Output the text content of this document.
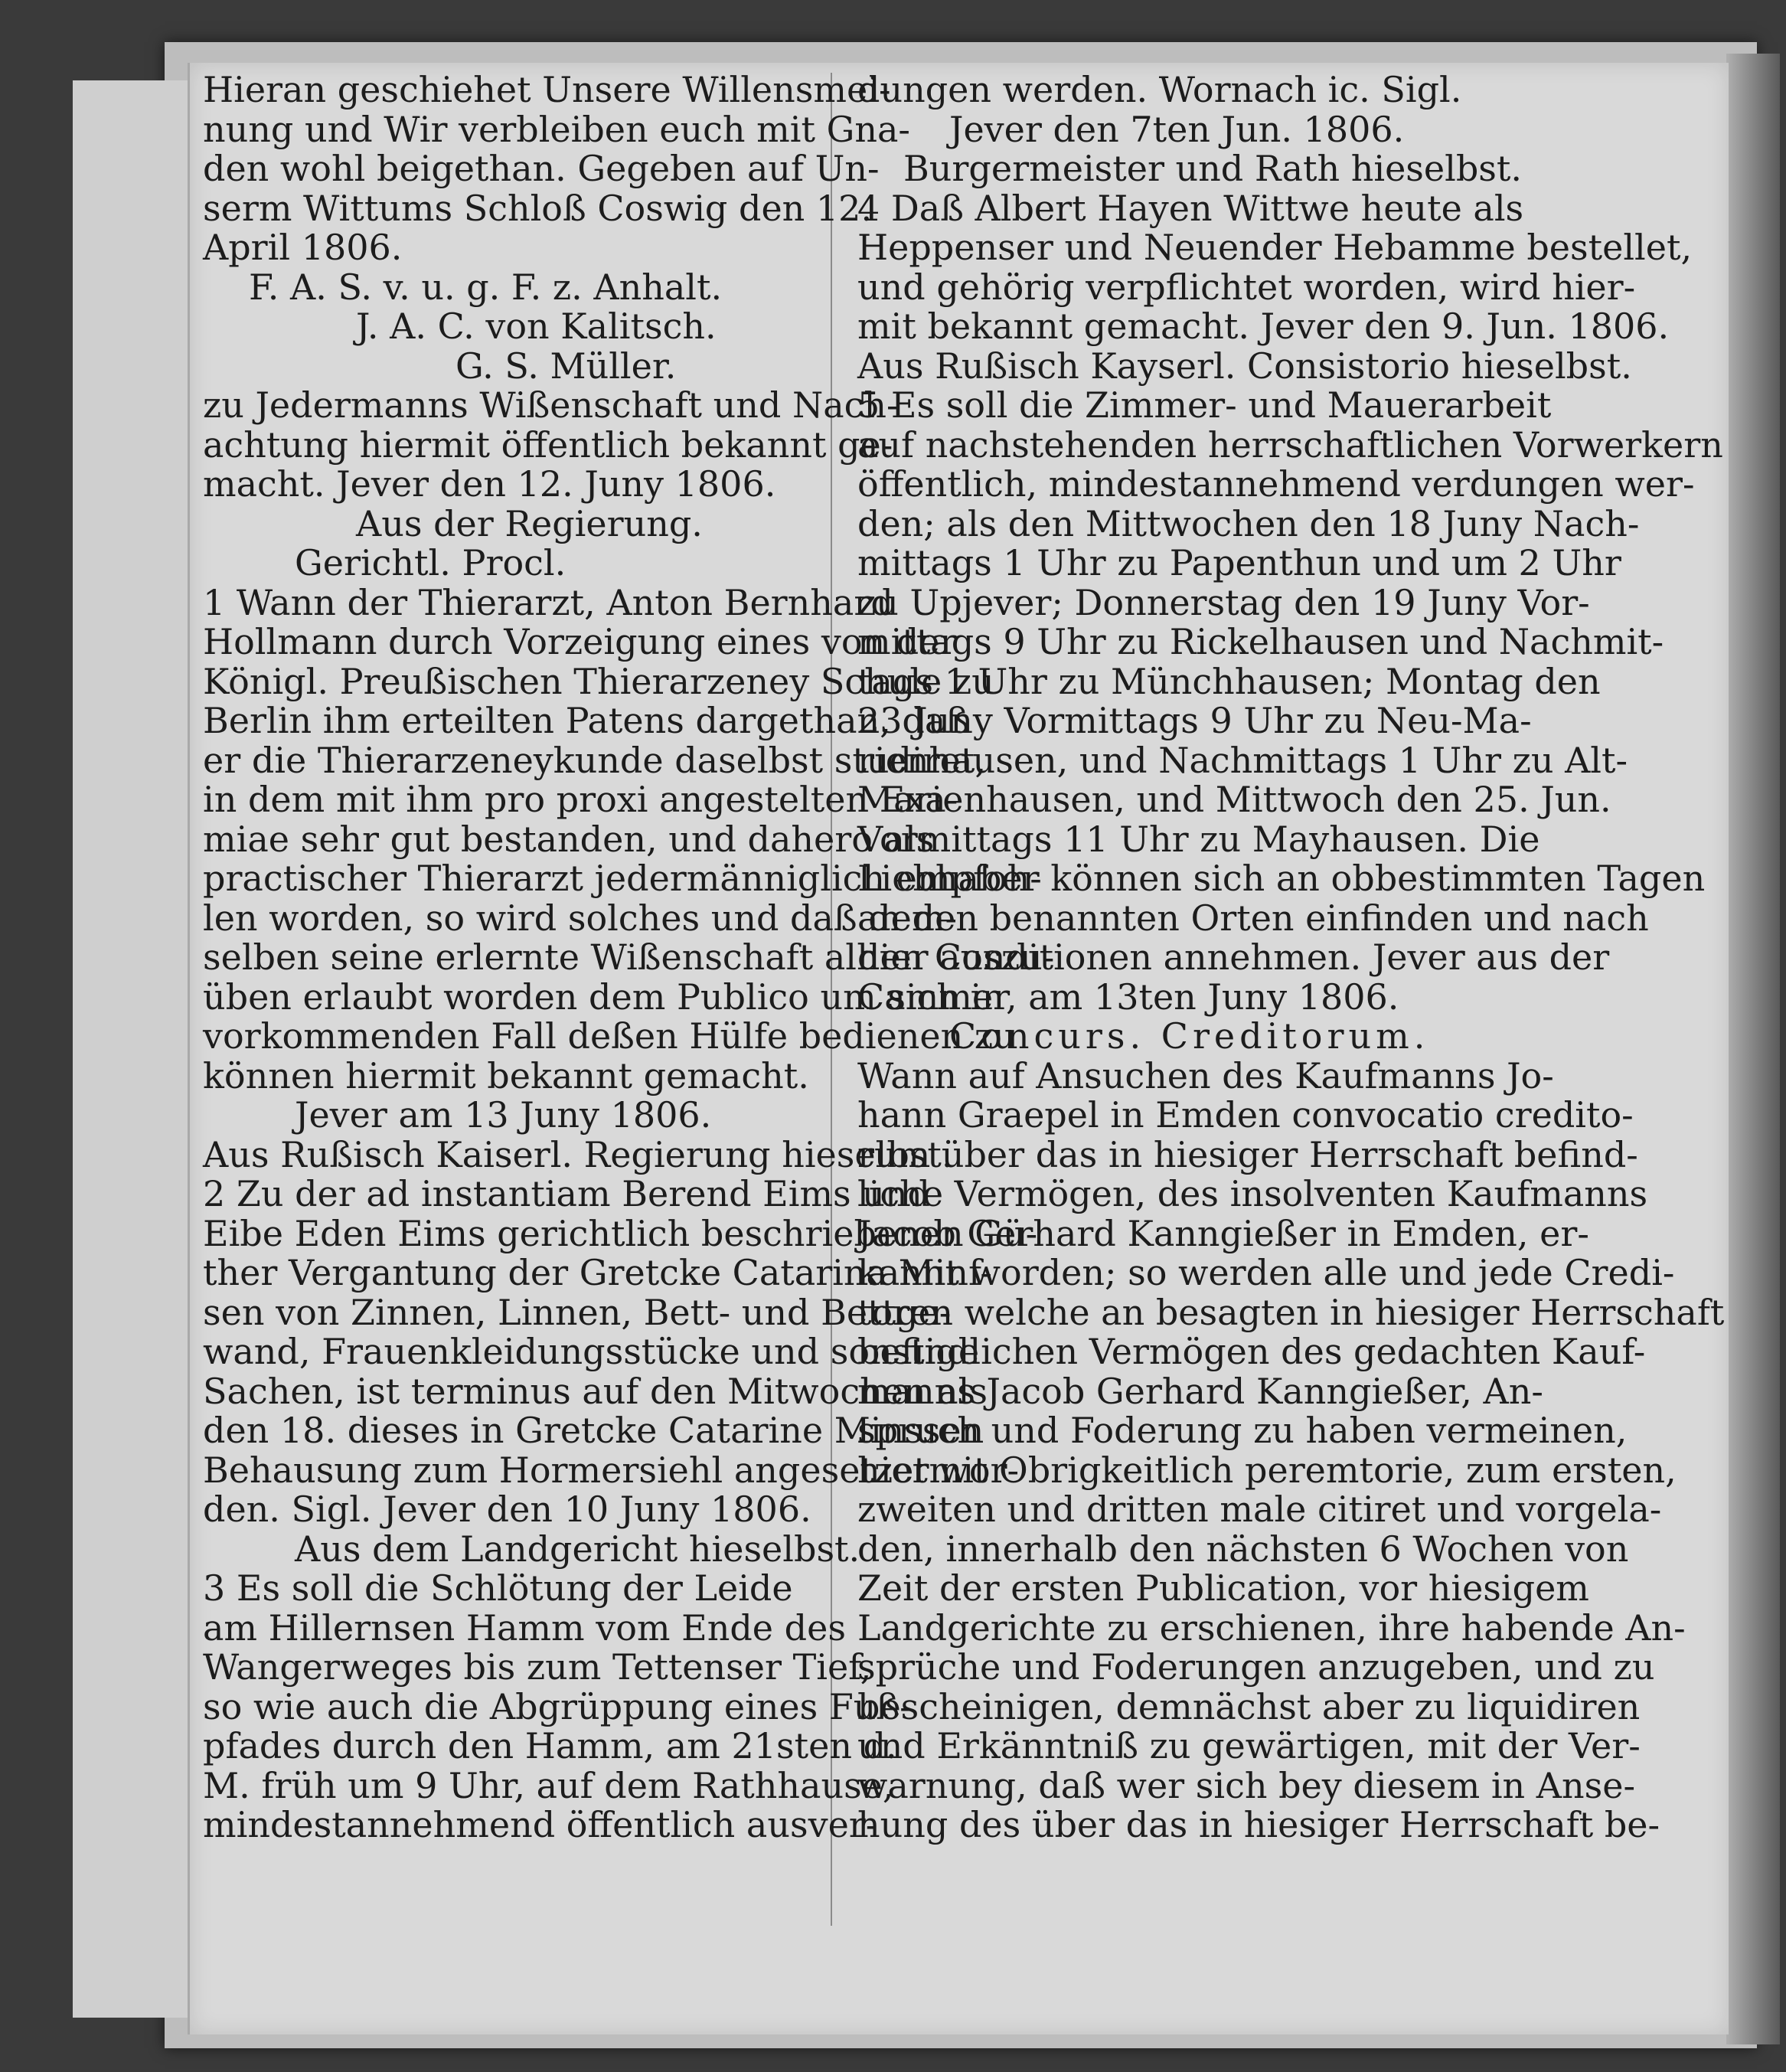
Hieran geschiehet Unsere Willensmei-
nung und Wir verbleiben euch mit Gna-
den wohl beigethan. Gegeben auf Un-
serm Wittums Schloß Coswig den 12.
April 1806.
F. A. S. v. u. g. F. z. Anhalt.
J. A. C. von Kalitsch.
G. S. Müller.
zu Jedermanns Wißenschaft und Nach-
achtung hiermit öffentlich bekannt ge-
macht. Jever den 12. Juny 1806.
Aus der Regierung.
Gerichtl. Procl.
1 Wann der Thierarzt, Anton Bernhard
Hollmann durch Vorzeigung eines von der
Königl. Preußischen Thierarzeney Schule zu
Berlin ihm erteilten Patens dargethan, daß
er die Thierarzeneykunde daselbst studiret,
in dem mit ihm pro proxi angestelten Exa-
miae sehr gut bestanden, und dahero als
practischer Thierarzt jedermänniglich empfoh-
len worden, so wird solches und daß dem-
selben seine erlernte Wißenschaft alhier auszu-
üben erlaubt worden dem Publico um sich in
vorkommenden Fall deßen Hülfe bedienen zu
können hiermit bekannt gemacht.
Jever am 13 Juny 1806.
Aus Rußisch Kaiserl. Regierung hieselbst.
2 Zu der ad instantiam Berend Eims und
Eibe Eden Eims gerichtlich beschriebenen Gü-
ther Vergantung der Gretcke Catarina Minf-
sen von Zinnen, Linnen, Bett- und Bettge-
wand, Frauenkleidungsstücke und sonstige
Sachen, ist terminus auf den Mitwochen als
den 18. dieses in Gretcke Catarine Minssen
Behausung zum Hormersiehl angesetzet wor-
den. Sigl. Jever den 10 Juny 1806.
Aus dem Landgericht hieselbst.
3 Es soll die Schlötung der Leide
am Hillernsen Hamm vom Ende des
Wangerweges bis zum Tettenser Tief,
so wie auch die Abgrüppung eines Fuß-
pfades durch den Hamm, am 21sten d.
M. früh um 9 Uhr, auf dem Rathhause,
mindestannehmend öffentlich ausver-
dungen werden. Wornach ic. Sigl.
Jever den 7ten Jun. 1806.
Burgermeister und Rath hieselbst.
4 Daß Albert Hayen Wittwe heute als
Heppenser und Neuender Hebamme bestellet,
und gehörig verpflichtet worden, wird hier-
mit bekannt gemacht. Jever den 9. Jun. 1806.
Aus Rußisch Kayserl. Consistorio hieselbst.
5 Es soll die Zimmer- und Mauerarbeit
auf nachstehenden herrschaftlichen Vorwerkern
öffentlich, mindestannehmend verdungen wer-
den; als den Mittwochen den 18 Juny Nach-
mittags 1 Uhr zu Papenthun und um 2 Uhr
zu Upjever; Donnerstag den 19 Juny Vor-
mittags 9 Uhr zu Rickelhausen und Nachmit-
tags 1 Uhr zu Münchhausen; Montag den
23 Juny Vormittags 9 Uhr zu Neu-Ma-
rienhausen, und Nachmittags 1 Uhr zu Alt-
Marienhausen, und Mittwoch den 25. Jun.
Vormittags 11 Uhr zu Mayhausen. Die
Liebhaber können sich an obbestimmten Tagen
an den benannten Orten einfinden und nach
den Conditionen annehmen. Jever aus der
Cammer, am 13ten Juny 1806.
Concurs. Creditorum.
Wann auf Ansuchen des Kaufmanns Jo-
hann Graepel in Emden convocatio credito-
rum über das in hiesiger Herrschaft befind-
liche Vermögen, des insolventen Kaufmanns
Jacob Gerhard Kanngießer in Emden, er-
kannt worden; so werden alle und jede Credi-
toren welche an besagten in hiesiger Herrschaft
befindlichen Vermögen des gedachten Kauf-
manns Jacob Gerhard Kanngießer, An-
spruch und Foderung zu haben vermeinen,
hiermit Obrigkeitlich peremtorie, zum ersten,
zweiten und dritten male citiret und vorgela-
den, innerhalb den nächsten 6 Wochen von
Zeit der ersten Publication, vor hiesigem
Landgerichte zu erschienen, ihre habende An-
sprüche und Foderungen anzugeben, und zu
bescheinigen, demnächst aber zu liquidiren
und Erkänntniß zu gewärtigen, mit der Ver-
warnung, daß wer sich bey diesem in Anse-
hung des über das in hiesiger Herrschaft be-
